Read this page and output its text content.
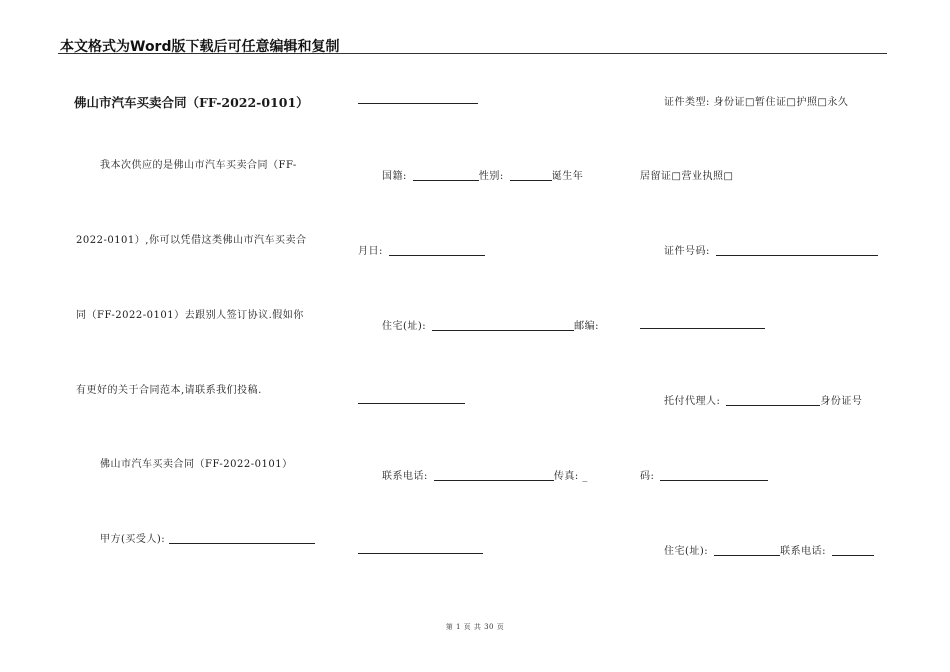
本文格式为Word版下载后可任意编辑和复制
佛山市汽车买卖合同（FF-2022-0101）
我本次供应的是佛山市汽车买卖合同（FF-
2022-0101）,你可以凭借这类佛山市汽车买卖合
同（FF-2022-0101）去跟别人签订协议.假如你
有更好的关于合同范本,请联系我们投稿.
佛山市汽车买卖合同（FF-2022-0101）
甲方(买受人):
国籍:	性别:	诞生年
月日:
住宅(址):	邮编:
联系电话:	传真: _
证件类型: 身份证□暂住证□护照□永久
居留证□营业执照□
证件号码:
托付代理人:	身份证号
码:
住宅(址):	联系电话:
第 1 页 共 30 页
